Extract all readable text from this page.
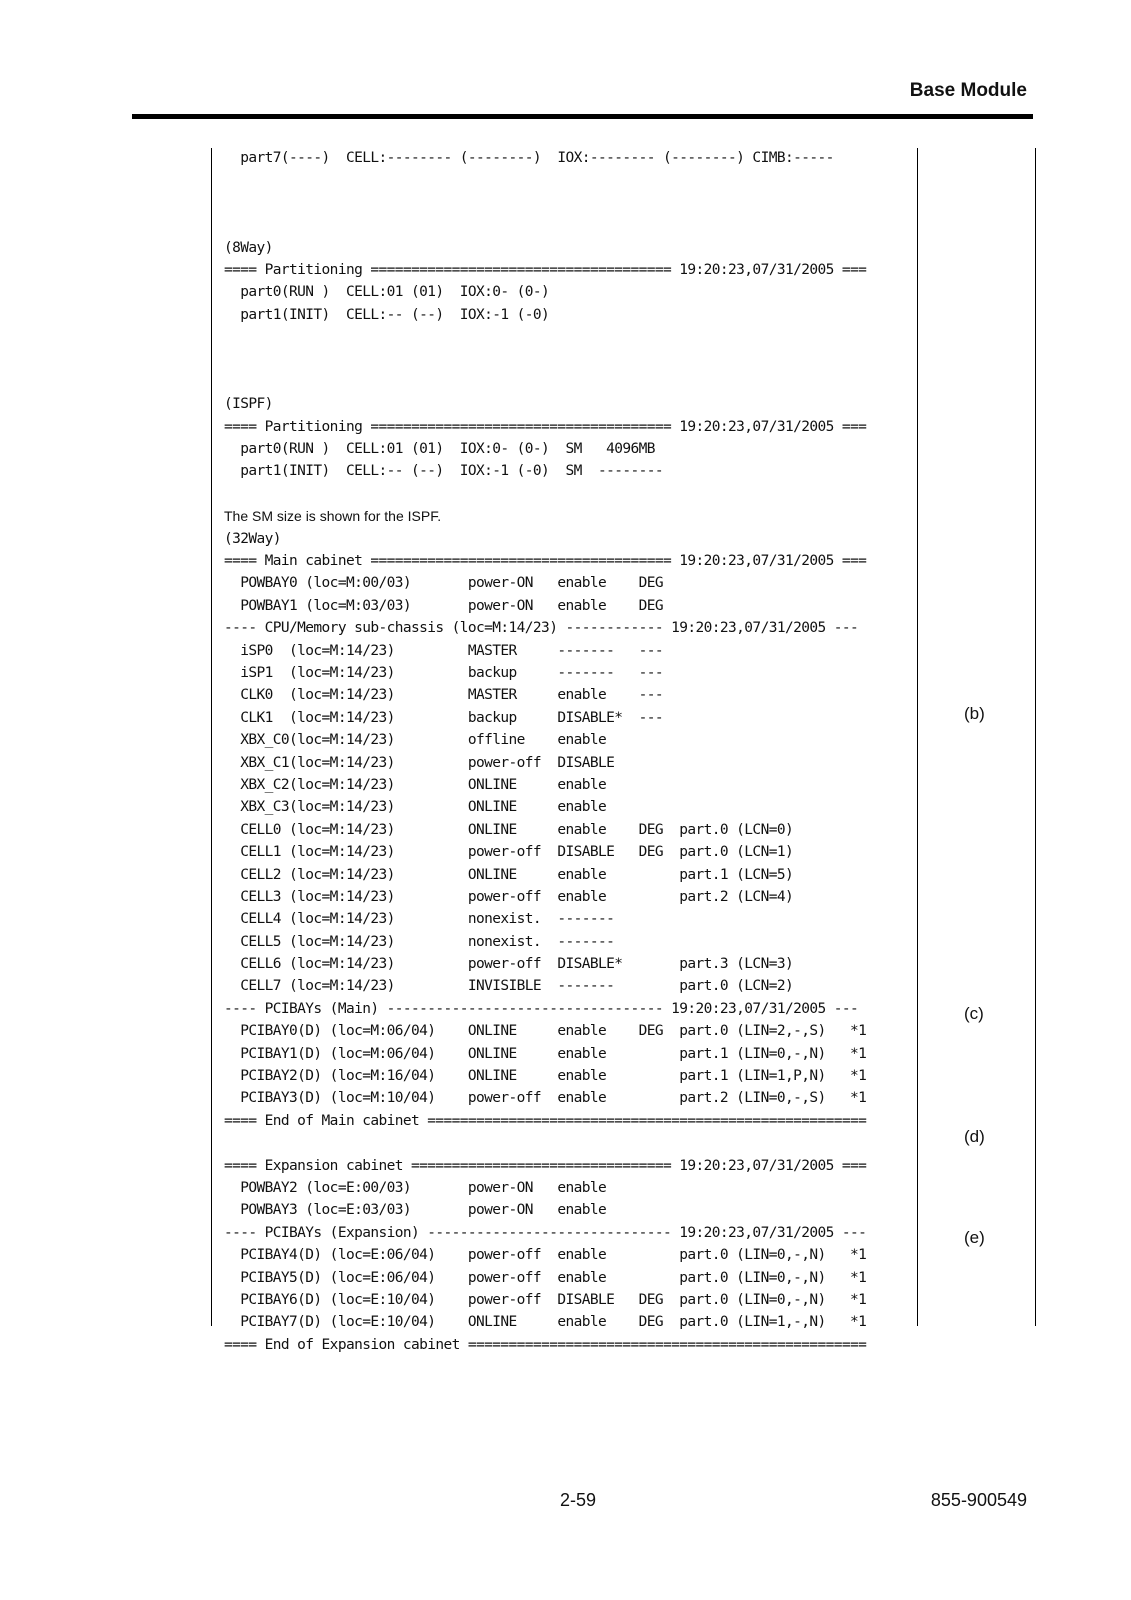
Base Module
part7(----)  CELL:-------- (--------)  IOX:-------- (--------) CIMB:-----
(8Way)
==== Partitioning ===================================== 19:20:23,07/31/2005 ===
part0(RUN )  CELL:01 (01)  IOX:0- (0-)
part1(INIT)  CELL:-- (--)  IOX:-1 (-0)
(ISPF)
==== Partitioning ===================================== 19:20:23,07/31/2005 ===
part0(RUN )  CELL:01 (01)  IOX:0- (0-)  SM   4096MB
part1(INIT)  CELL:-- (--)  IOX:-1 (-0)  SM  --------
The SM size is shown for the ISPF.
(32Way)
==== Main cabinet ===================================== 19:20:23,07/31/2005 ===
POWBAY0 (loc=M:00/03)       power-ON   enable    DEG
POWBAY1 (loc=M:03/03)       power-ON   enable    DEG
---- CPU/Memory sub-chassis (loc=M:14/23) ------------ 19:20:23,07/31/2005 ---
iSP0  (loc=M:14/23)         MASTER     -------   ---
iSP1  (loc=M:14/23)         backup     -------   ---
CLK0  (loc=M:14/23)         MASTER     enable    ---
CLK1  (loc=M:14/23)         backup     DISABLE*  ---
XBX_C0(loc=M:14/23)         offline    enable
XBX_C1(loc=M:14/23)         power-off  DISABLE
XBX_C2(loc=M:14/23)         ONLINE     enable
XBX_C3(loc=M:14/23)         ONLINE     enable
CELL0 (loc=M:14/23)         ONLINE     enable    DEG  part.0 (LCN=0)
CELL1 (loc=M:14/23)         power-off  DISABLE   DEG  part.0 (LCN=1)
CELL2 (loc=M:14/23)         ONLINE     enable         part.1 (LCN=5)
CELL3 (loc=M:14/23)         power-off  enable         part.2 (LCN=4)
CELL4 (loc=M:14/23)         nonexist.  -------
CELL5 (loc=M:14/23)         nonexist.  -------
CELL6 (loc=M:14/23)         power-off  DISABLE*       part.3 (LCN=3)
CELL7 (loc=M:14/23)         INVISIBLE  -------        part.0 (LCN=2)
---- PCIBAYs (Main) ---------------------------------- 19:20:23,07/31/2005 ---
PCIBAY0(D) (loc=M:06/04)    ONLINE     enable    DEG  part.0 (LIN=2,-,S)   *1
PCIBAY1(D) (loc=M:06/04)    ONLINE     enable         part.1 (LIN=0,-,N)   *1
PCIBAY2(D) (loc=M:16/04)    ONLINE     enable         part.1 (LIN=1,P,N)   *1
PCIBAY3(D) (loc=M:10/04)    power-off  enable         part.2 (LIN=0,-,S)   *1
==== End of Main cabinet ======================================================
==== Expansion cabinet ================================ 19:20:23,07/31/2005 ===
POWBAY2 (loc=E:00/03)       power-ON   enable
POWBAY3 (loc=E:03/03)       power-ON   enable
---- PCIBAYs (Expansion) ------------------------------ 19:20:23,07/31/2005 ---
PCIBAY4(D) (loc=E:06/04)    power-off  enable         part.0 (LIN=0,-,N)   *1
PCIBAY5(D) (loc=E:06/04)    power-off  enable         part.0 (LIN=0,-,N)   *1
PCIBAY6(D) (loc=E:10/04)    power-off  DISABLE   DEG  part.0 (LIN=0,-,N)   *1
PCIBAY7(D) (loc=E:10/04)    ONLINE     enable    DEG  part.0 (LIN=1,-,N)   *1
==== End of Expansion cabinet =================================================
(b)
(c)
(d)
(e)
2-59	855-900549
